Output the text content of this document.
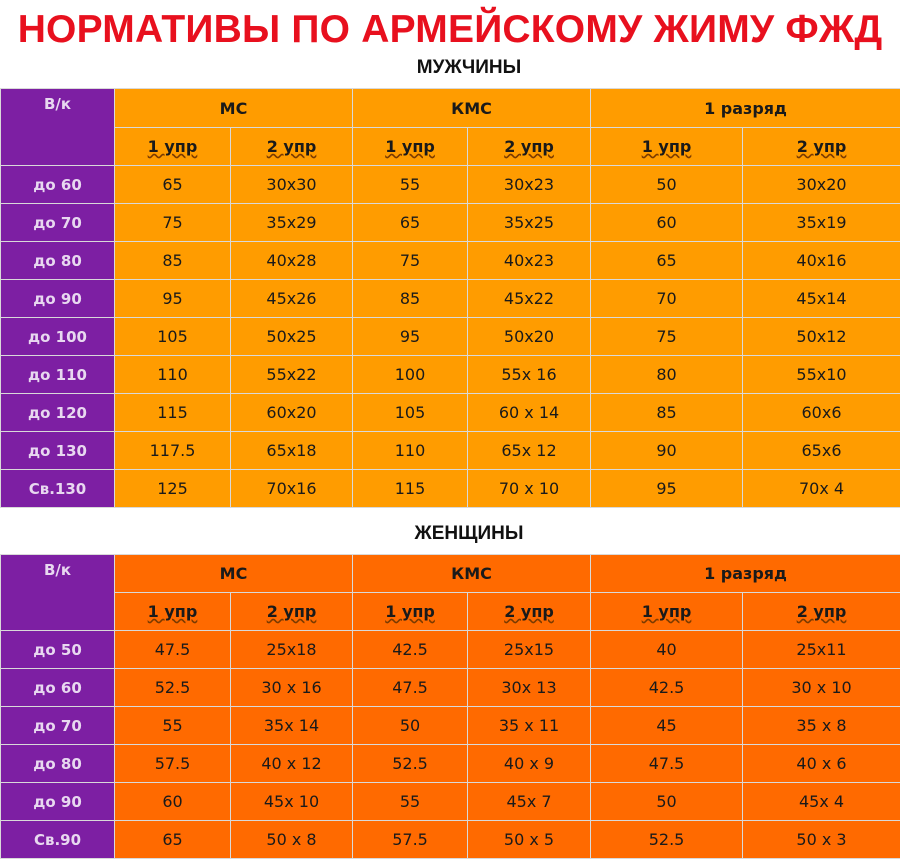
НОРМАТИВЫ ПО АРМЕЙСКОМУ ЖИМУ ФЖД
МУЖЧИНЫ
ЖЕНЩИНЫ
В/к	МС		КМС		1 разряд	
	1 упр	2 упр	1 упр	2 упр	1 упр	2 упр
до 60	65	30х30	55	30х23	50	30х20
до 70	75	35х29	65	35х25	60	35х19
до 80	85	40х28	75	40х23	65	40х16
до 90	95	45х26	85	45х22	70	45х14
до 100	105	50х25	95	50х20	75	50х12
до 110	110	55х22	100	55х 16	80	55х10
до 120	115	60х20	105	60 х 14	85	60х6
до 130	117.5	65х18	110	65х 12	90	65х6
Св.130	125	70х16	115	70 х 10	95	70х 4
В/к	МС		КМС		1 разряд	
	1 упр	2 упр	1 упр	2 упр	1 упр	2 упр
до 50	47.5	25х18	42.5	25х15	40	25х11
до 60	52.5	30 х 16	47.5	30х 13	42.5	30 х 10
до 70	55	35х 14	50	35 х 11	45	35 х 8
до 80	57.5	40 х 12	52.5	40 х 9	47.5	40 х 6
до 90	60	45х 10	55	45х 7	50	45х 4
Св.90	65	50 х 8	57.5	50 х 5	52.5	50 х 3
